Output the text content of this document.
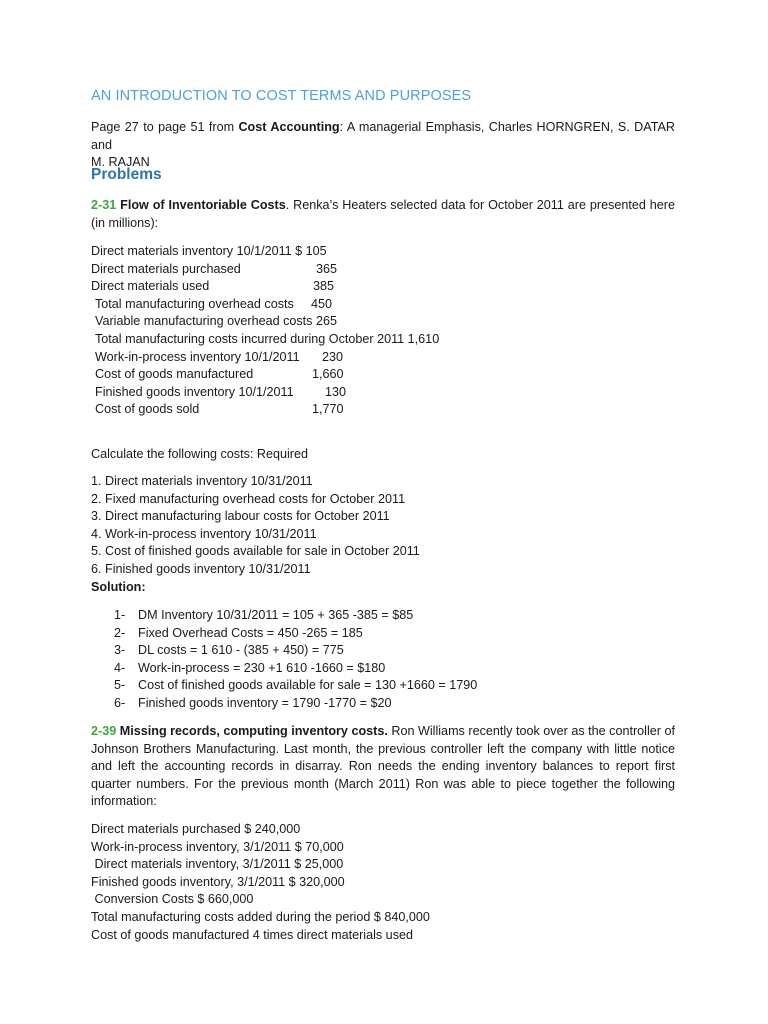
AN INTRODUCTION TO COST TERMS AND PURPOSES
Page 27 to page 51 from Cost Accounting: A managerial Emphasis, Charles HORNGREN, S. DATAR and
M. RAJAN
Problems
2-31 Flow of Inventoriable Costs. Renka’s Heaters selected data for October 2011 are presented here (in millions):
Direct materials inventory 10/1/2011 $ 105
Direct materials purchased	365
Direct materials used	385
Total manufacturing overhead costs 450
Variable manufacturing overhead costs 265
Total manufacturing costs incurred during October 2011 1,610
Work-in-process inventory 10/1/2011 230
Cost of goods manufactured	1,660
Finished goods inventory 10/1/2011 130
Cost of goods sold	1,770
Calculate the following costs: Required
1. Direct materials inventory 10/31/2011
2. Fixed manufacturing overhead costs for October 2011
3. Direct manufacturing labour costs for October 2011
4. Work-in-process inventory 10/31/2011
5. Cost of finished goods available for sale in October 2011
6. Finished goods inventory 10/31/2011
Solution:
1- DM Inventory 10/31/2011 = 105 + 365 -385 = $85
2- Fixed Overhead Costs = 450 -265 = 185
3- DL costs = 1 610 - (385 + 450) = 775
4- Work-in-process = 230 +1 610 -1660 = $180
5- Cost of finished goods available for sale = 130 +1660 = 1790
6- Finished goods inventory = 1790 -1770 = $20
2-39 Missing records, computing inventory costs. Ron Williams recently took over as the controller of Johnson Brothers Manufacturing. Last month, the previous controller left the company with little notice and left the accounting records in disarray. Ron needs the ending inventory balances to report first quarter numbers. For the previous month (March 2011) Ron was able to piece together the following information:
Direct materials purchased $ 240,000
Work-in-process inventory, 3/1/2011 $ 70,000
Direct materials inventory, 3/1/2011 $ 25,000
Finished goods inventory, 3/1/2011 $ 320,000
Conversion Costs $ 660,000
Total manufacturing costs added during the period $ 840,000
Cost of goods manufactured 4 times direct materials used
